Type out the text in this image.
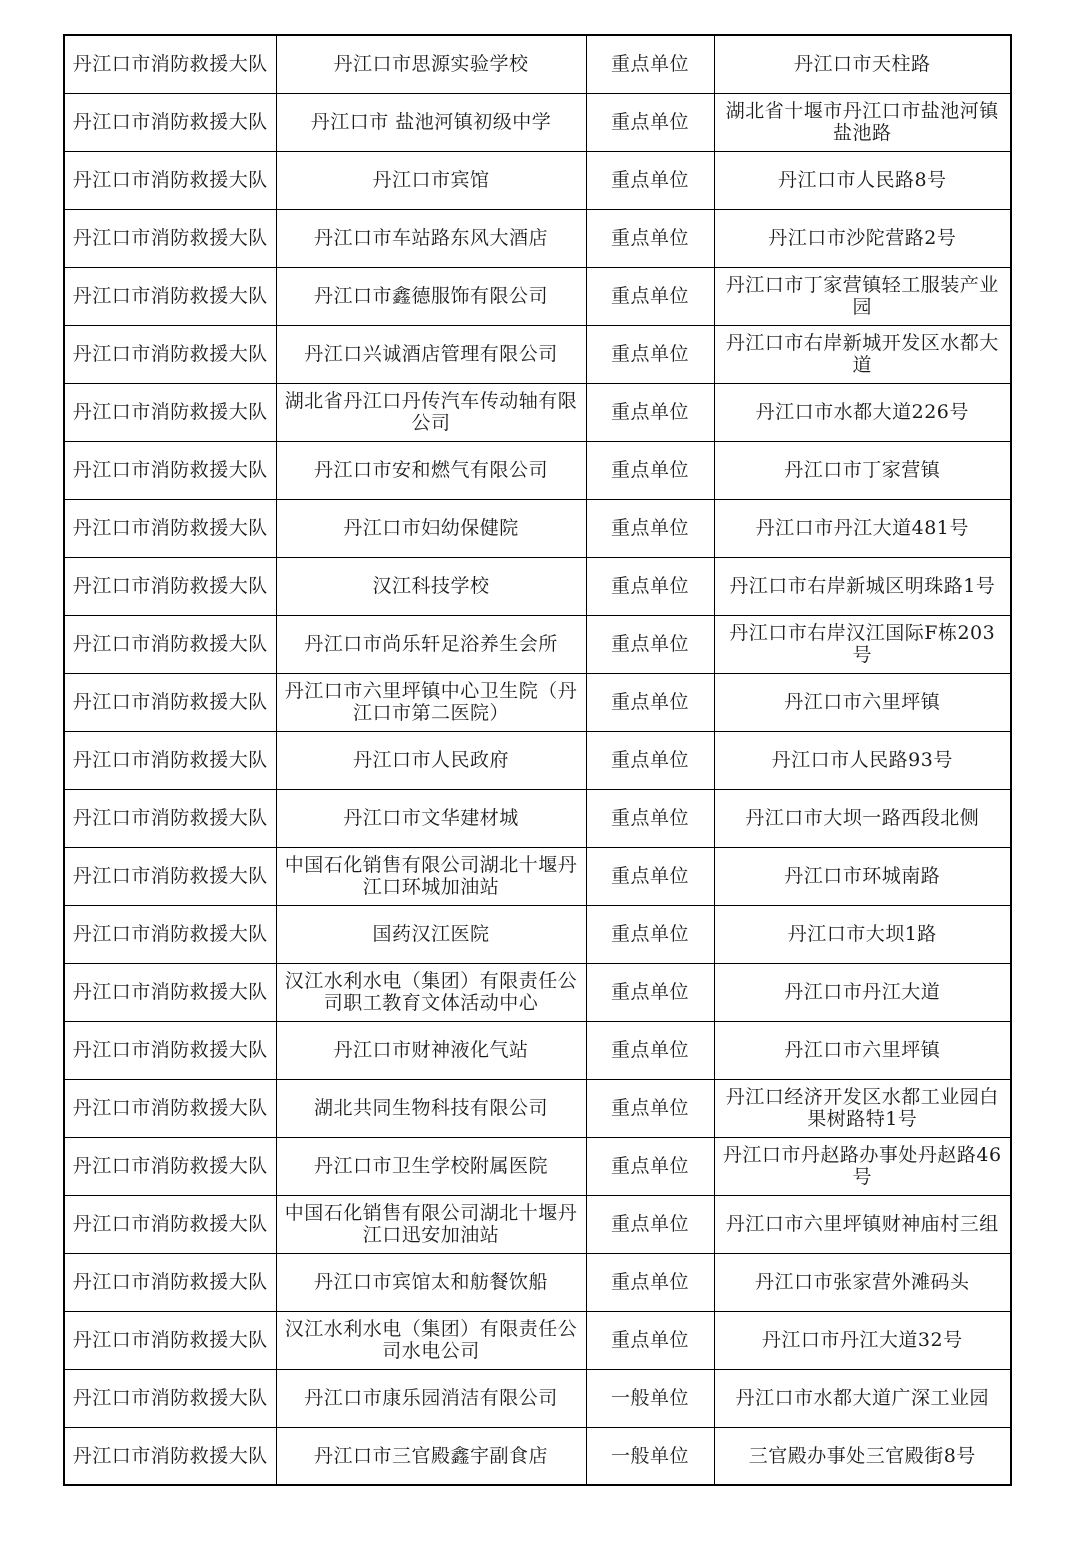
丹江口市消防救援大队	丹江口市思源实验学校	重点单位	丹江口市天柱路
丹江口市消防救援大队	丹江口市 盐池河镇初级中学	重点单位	湖北省十堰市丹江口市盐池河镇盐池路
丹江口市消防救援大队	丹江口市宾馆	重点单位	丹江口市人民路8号
丹江口市消防救援大队	丹江口市车站路东风大酒店	重点单位	丹江口市沙陀营路2号
丹江口市消防救援大队	丹江口市鑫德服饰有限公司	重点单位	丹江口市丁家营镇轻工服装产业园
丹江口市消防救援大队	丹江口兴诚酒店管理有限公司	重点单位	丹江口市右岸新城开发区水都大道
丹江口市消防救援大队	湖北省丹江口丹传汽车传动轴有限公司	重点单位	丹江口市水都大道226号
丹江口市消防救援大队	丹江口市安和燃气有限公司	重点单位	丹江口市丁家营镇
丹江口市消防救援大队	丹江口市妇幼保健院	重点单位	丹江口市丹江大道481号
丹江口市消防救援大队	汉江科技学校	重点单位	丹江口市右岸新城区明珠路1号
丹江口市消防救援大队	丹江口市尚乐轩足浴养生会所	重点单位	丹江口市右岸汉江国际F栋203号
丹江口市消防救援大队	丹江口市六里坪镇中心卫生院（丹江口市第二医院）	重点单位	丹江口市六里坪镇
丹江口市消防救援大队	丹江口市人民政府	重点单位	丹江口市人民路93号
丹江口市消防救援大队	丹江口市文华建材城	重点单位	丹江口市大坝一路西段北侧
丹江口市消防救援大队	中国石化销售有限公司湖北十堰丹江口环城加油站	重点单位	丹江口市环城南路
丹江口市消防救援大队	国药汉江医院	重点单位	丹江口市大坝1路
丹江口市消防救援大队	汉江水利水电（集团）有限责任公司职工教育文体活动中心	重点单位	丹江口市丹江大道
丹江口市消防救援大队	丹江口市财神液化气站	重点单位	丹江口市六里坪镇
丹江口市消防救援大队	湖北共同生物科技有限公司	重点单位	丹江口经济开发区水都工业园白果树路特1号
丹江口市消防救援大队	丹江口市卫生学校附属医院	重点单位	丹江口市丹赵路办事处丹赵路46号
丹江口市消防救援大队	中国石化销售有限公司湖北十堰丹江口迅安加油站	重点单位	丹江口市六里坪镇财神庙村三组
丹江口市消防救援大队	丹江口市宾馆太和舫餐饮船	重点单位	丹江口市张家营外滩码头
丹江口市消防救援大队	汉江水利水电（集团）有限责任公司水电公司	重点单位	丹江口市丹江大道32号
丹江口市消防救援大队	丹江口市康乐园消洁有限公司	一般单位	丹江口市水都大道广深工业园
丹江口市消防救援大队	丹江口市三官殿鑫宇副食店	一般单位	三官殿办事处三官殿街8号
